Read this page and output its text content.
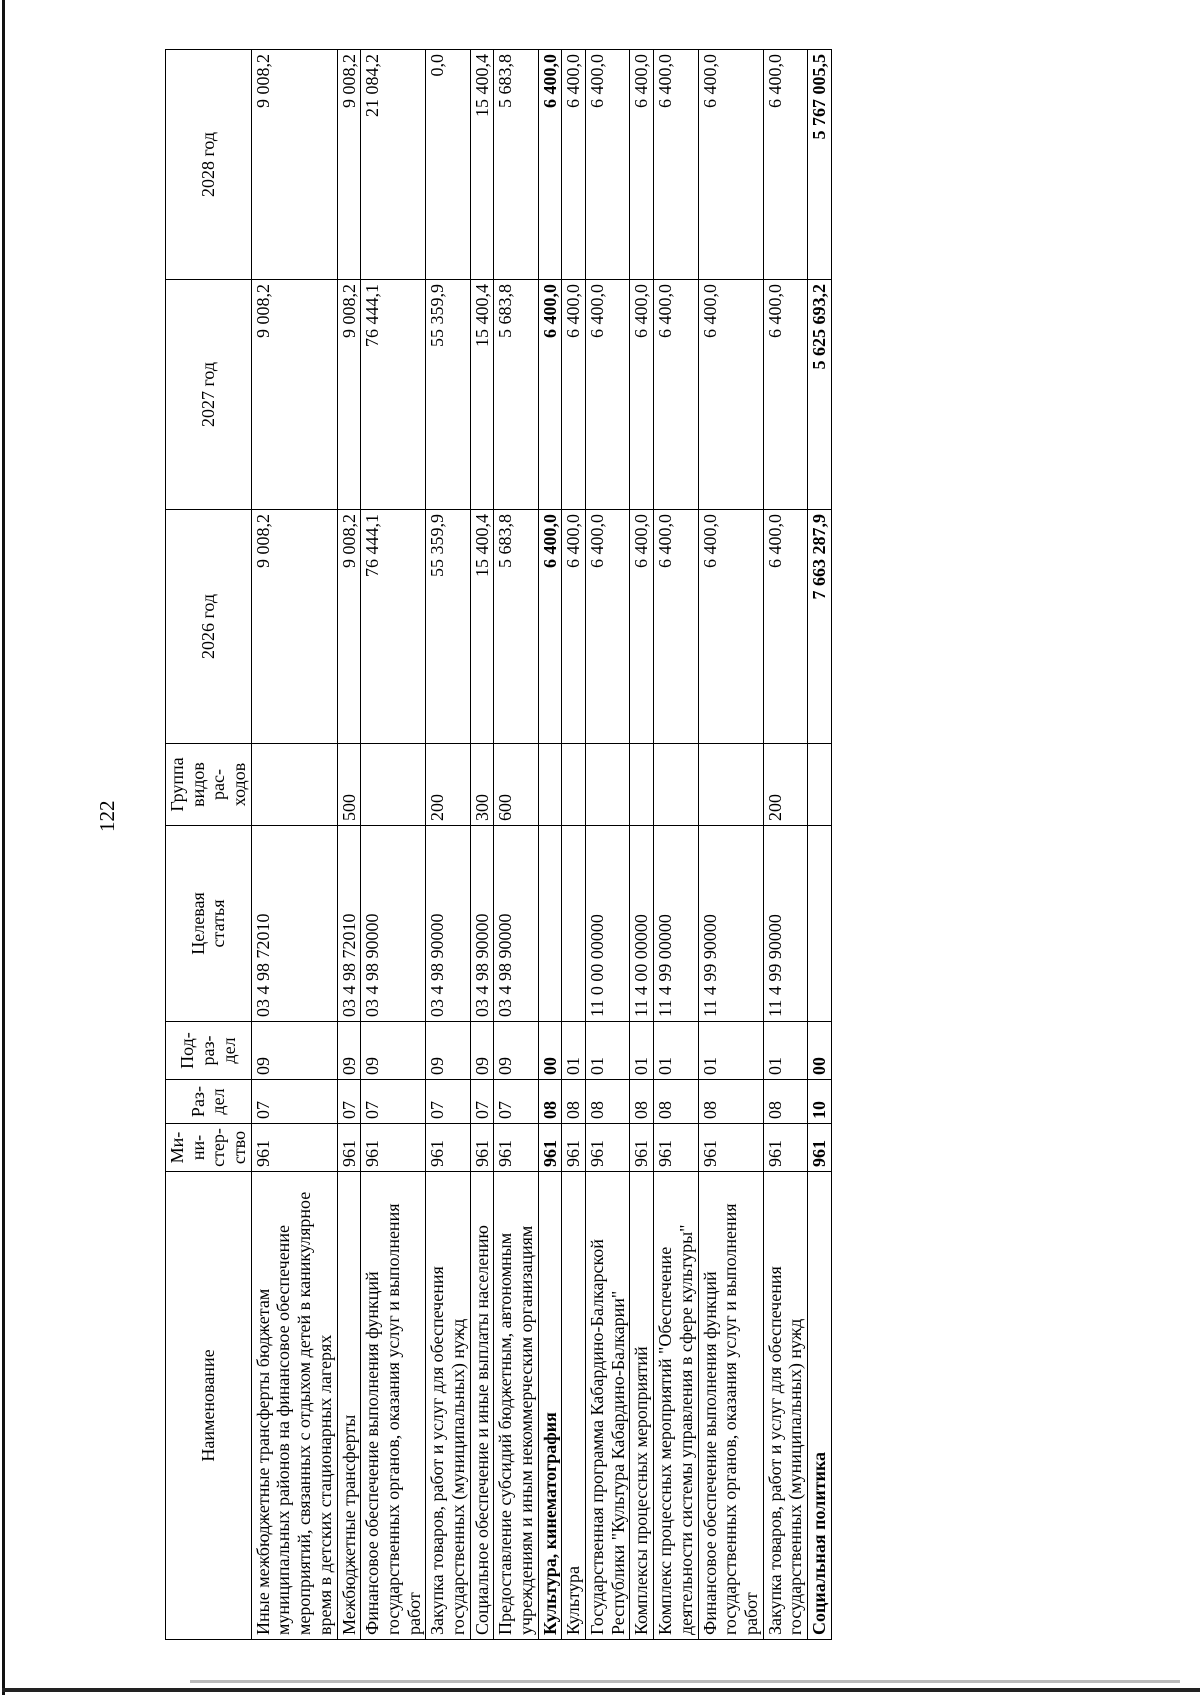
122
Наименование	Ми-
ни-
стер-
ство	Раз-
дел	Под-
раз-
дел	Целевая
статья	Группа
видов
рас-
ходов	2026 год	2027 год	2028 год
Иные межбюджетные трансферты бюджетам муниципальных районов на финансовое обеспечение мероприятий, связанных с отдыхом детей в каникулярное время в детских стационарных лагерях	961	07	09	03 4 98 72010		9 008,2	9 008,2	9 008,2
Межбюджетные трансферты	961	07	09	03 4 98 72010	500	9 008,2	9 008,2	9 008,2
Финансовое обеспечение выполнения функций государственных органов, оказания услуг и выполнения работ	961	07	09	03 4 98 90000		76 444,1	76 444,1	21 084,2
Закупка товаров, работ и услуг для обеспечения государственных (муниципальных) нужд	961	07	09	03 4 98 90000	200	55 359,9	55 359,9	0,0
Социальное обеспечение и иные выплаты населению	961	07	09	03 4 98 90000	300	15 400,4	15 400,4	15 400,4
Предоставление субсидий бюджетным, автономным учреждениям и иным некоммерческим организациям	961	07	09	03 4 98 90000	600	5 683,8	5 683,8	5 683,8
Культура, кинематография	961	08	00			6 400,0	6 400,0	6 400,0
Культура	961	08	01			6 400,0	6 400,0	6 400,0
Государственная программа Кабардино-Балкарской Республики "Культура Кабардино-Балкарии"	961	08	01	11 0 00 00000		6 400,0	6 400,0	6 400,0
Комплексы процессных мероприятий	961	08	01	11 4 00 00000		6 400,0	6 400,0	6 400,0
Комплекс процессных мероприятий "Обеспечение деятельности системы управления в сфере культуры"	961	08	01	11 4 99 00000		6 400,0	6 400,0	6 400,0
Финансовое обеспечение выполнения функций государственных органов, оказания услуг и выполнения работ	961	08	01	11 4 99 90000		6 400,0	6 400,0	6 400,0
Закупка товаров, работ и услуг для обеспечения государственных (муниципальных) нужд	961	08	01	11 4 99 90000	200	6 400,0	6 400,0	6 400,0
Социальная политика	961	10	00			7 663 287,9	5 625 693,2	5 767 005,5
